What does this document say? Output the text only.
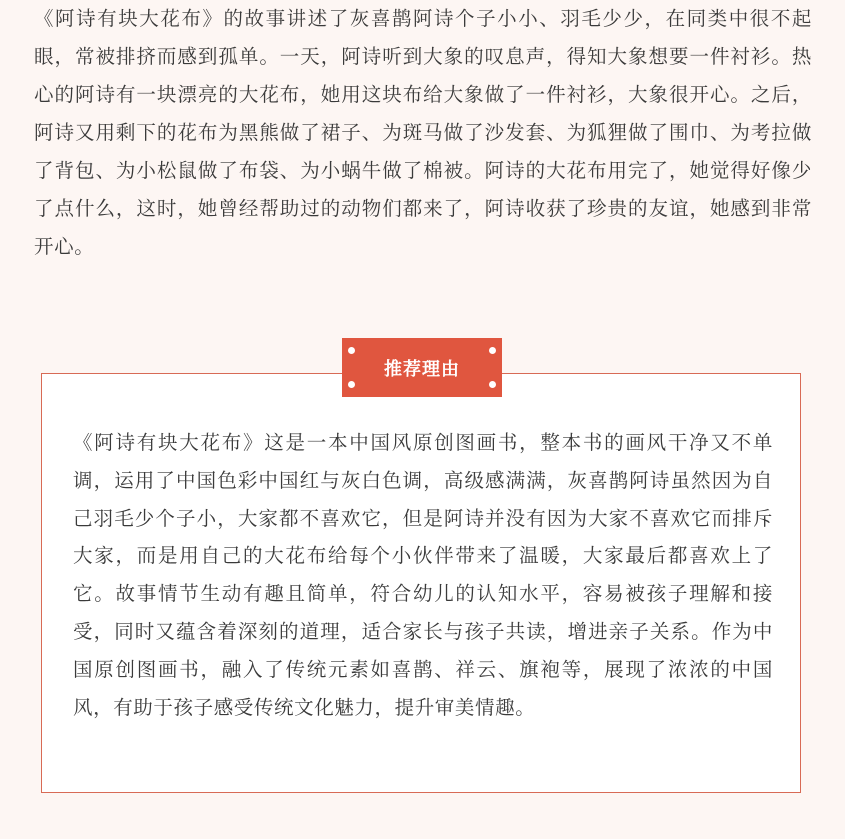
《阿诗有块大花布》的故事讲述了灰喜鹊阿诗个子小小、羽毛少少，在同类中很不起眼，常被排挤而感到孤单。一天，阿诗听到大象的叹息声，得知大象想要一件衬衫。热心的阿诗有一块漂亮的大花布，她用这块布给大象做了一件衬衫，大象很开心。之后，阿诗又用剩下的花布为黑熊做了裙子、为斑马做了沙发套、为狐狸做了围巾、为考拉做了背包、为小松鼠做了布袋、为小蜗牛做了棉被。阿诗的大花布用完了，她觉得好像少了点什么，这时，她曾经帮助过的动物们都来了，阿诗收获了珍贵的友谊，她感到非常开心。

推荐理由

《阿诗有块大花布》这是一本中国风原创图画书，整本书的画风干净又不单调，运用了中国色彩中国红与灰白色调，高级感满满，灰喜鹊阿诗虽然因为自己羽毛少个子小，大家都不喜欢它，但是阿诗并没有因为大家不喜欢它而排斥大家，而是用自己的大花布给每个小伙伴带来了温暖，大家最后都喜欢上了它。故事情节生动有趣且简单，符合幼儿的认知水平，容易被孩子理解和接受，同时又蕴含着深刻的道理，适合家长与孩子共读，增进亲子关系。作为中国原创图画书，融入了传统元素如喜鹊、祥云、旗袍等，展现了浓浓的中国风，有助于孩子感受传统文化魅力，提升审美情趣。
